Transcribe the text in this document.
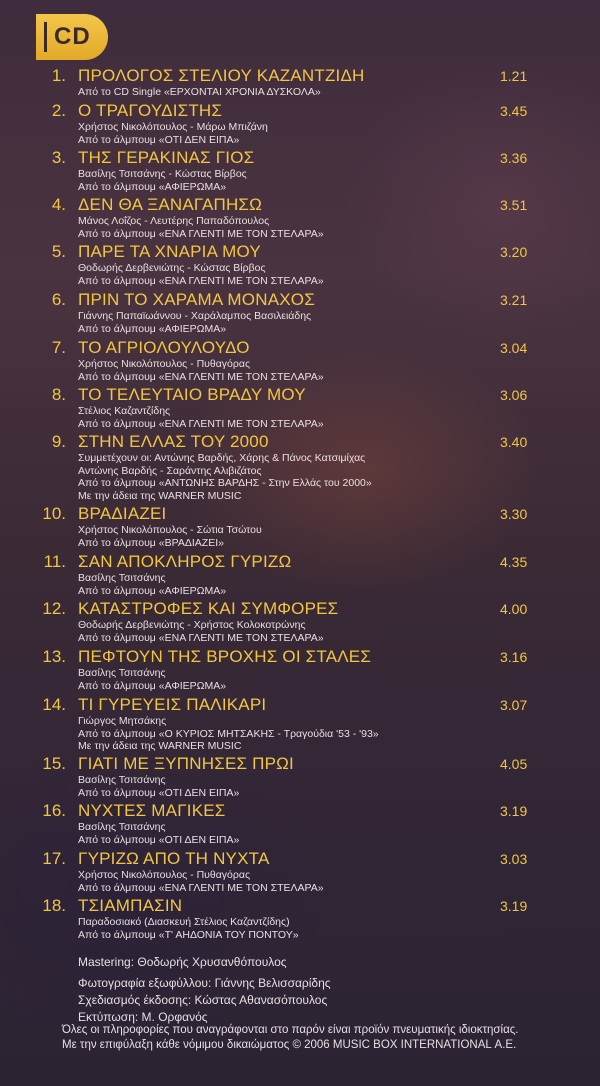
CD
1. ΠΡΟΛΟΓΟΣ ΣΤΕΛΙΟΥ ΚΑΖΑΝΤΖΙΔΗ	1.21
Από το CD Single «ΕΡΧΟΝΤΑΙ ΧΡΟΝΙΑ ΔΥΣΚΟΛΑ»
2. Ο ΤΡΑΓΟΥΔΙΣΤΗΣ	3.45
Χρήστος Νικολόπουλος - Μάρω Μπιζάνη
Από το άλμπουμ «ΟΤΙ ΔΕΝ ΕΙΠΑ»
3. ΤΗΣ ΓΕΡΑΚΙΝΑΣ ΓΙΟΣ	3.36
Βασίλης Τσιτσάνης - Κώστας Βίρβος
Από το άλμπουμ «ΑΦΙΕΡΩΜΑ»
4. ΔΕΝ ΘΑ ΞΑΝΑΓΑΠΗΣΩ	3.51
Μάνος Λοΐζος - Λευτέρης Παπαδόπουλος
Από το άλμπουμ «ΕΝΑ ΓΛΕΝΤΙ ΜΕ ΤΟΝ ΣΤΕΛΑΡΑ»
5. ΠΑΡΕ ΤΑ ΧΝΑΡΙΑ ΜΟΥ	3.20
Θοδωρής Δερβενιώτης - Κώστας Βίρβος
Από το άλμπουμ «ΕΝΑ ΓΛΕΝΤΙ ΜΕ ΤΟΝ ΣΤΕΛΑΡΑ»
6. ΠΡΙΝ ΤΟ ΧΑΡΑΜΑ ΜΟΝΑΧΟΣ	3.21
Γιάννης Παπαϊωάννου - Χαράλαμπος Βασιλειάδης
Από το άλμπουμ «ΑΦΙΕΡΩΜΑ»
7. ΤΟ ΑΓΡΙΟΛΟΥΛΟΥΔΟ	3.04
Χρήστος Νικολόπουλος - Πυθαγόρας
Από το άλμπουμ «ΕΝΑ ΓΛΕΝΤΙ ΜΕ ΤΟΝ ΣΤΕΛΑΡΑ»
8. ΤΟ ΤΕΛΕΥΤΑΙΟ ΒΡΑΔΥ ΜΟΥ	3.06
Στέλιος Καζαντζίδης
Από το άλμπουμ «ΕΝΑ ΓΛΕΝΤΙ ΜΕ ΤΟΝ ΣΤΕΛΑΡΑ»
9. ΣΤΗΝ ΕΛΛΑΣ ΤΟΥ 2000	3.40
Συμμετέχουν οι: Αντώνης Βαρδής, Χάρης & Πάνος Κατσιμίχας
Αντώνης Βαρδής - Σαράντης Αλιβιζάτος
Από το άλμπουμ «ΑΝΤΩΝΗΣ ΒΑΡΔΗΣ - Στην Ελλάς του 2000»
Με την άδεια της WARNER MUSIC
10. ΒΡΑΔΙΑΖΕΙ	3.30
Χρήστος Νικολόπουλος - Σώτια Τσώτου
Από το άλμπουμ «ΒΡΑΔΙΑΖΕΙ»
11. ΣΑΝ ΑΠΟΚΛΗΡΟΣ ΓΥΡΙΖΩ	4.35
Βασίλης Τσιτσάνης
Από το άλμπουμ «ΑΦΙΕΡΩΜΑ»
12. ΚΑΤΑΣΤΡΟΦΕΣ ΚΑΙ ΣΥΜΦΟΡΕΣ	4.00
Θοδωρής Δερβενιώτης - Χρήστος Κολοκοτρώνης
Από το άλμπουμ «ΕΝΑ ΓΛΕΝΤΙ ΜΕ ΤΟΝ ΣΤΕΛΑΡΑ»
13. ΠΕΦΤΟΥΝ ΤΗΣ ΒΡΟΧΗΣ ΟΙ ΣΤΑΛΕΣ	3.16
Βασίλης Τσιτσάνης
Από το άλμπουμ «ΑΦΙΕΡΩΜΑ»
14. ΤΙ ΓΥΡΕΥΕΙΣ ΠΑΛΙΚΑΡΙ	3.07
Γιώργος Μητσάκης
Από το άλμπουμ «Ο ΚΥΡΙΟΣ ΜΗΤΣΑΚΗΣ - Τραγούδια '53 - '93»
Με την άδεια της WARNER MUSIC
15. ΓΙΑΤΙ ΜΕ ΞΥΠΝΗΣΕΣ ΠΡΩΙ	4.05
Βασίλης Τσιτσάνης
Από το άλμπουμ «ΟΤΙ ΔΕΝ ΕΙΠΑ»
16. ΝΥΧΤΕΣ ΜΑΓΙΚΕΣ	3.19
Βασίλης Τσιτσάνης
Από το άλμπουμ «ΟΤΙ ΔΕΝ ΕΙΠΑ»
17. ΓΥΡΙΖΩ ΑΠΟ ΤΗ ΝΥΧΤΑ	3.03
Χρήστος Νικολόπουλος - Πυθαγόρας
Από το άλμπουμ «ΕΝΑ ΓΛΕΝΤΙ ΜΕ ΤΟΝ ΣΤΕΛΑΡΑ»
18. ΤΣΙΑΜΠΑΣΙΝ	3.19
Παραδοσιακό (Διασκευή Στέλιος Καζαντζίδης)
Από το άλμπουμ «Τ' ΑΗΔΟΝΙΑ ΤΟΥ ΠΟΝΤΟΥ»
Mastering: Θοδωρής Χρυσανθόπουλος
Φωτογραφία εξωφύλλου: Γιάννης Βελισσαρίδης
Σχεδιασμός έκδοσης: Κώστας Αθανασόπουλος
Εκτύπωση: Μ. Ορφανός
Όλες οι πληροφορίες που αναγράφονται στο παρόν είναι προϊόν πνευματικής ιδιοκτησίας.
Με την επιφύλαξη κάθε νόμιμου δικαιώματος © 2006 MUSIC BOX INTERNATIONAL Α.Ε.
